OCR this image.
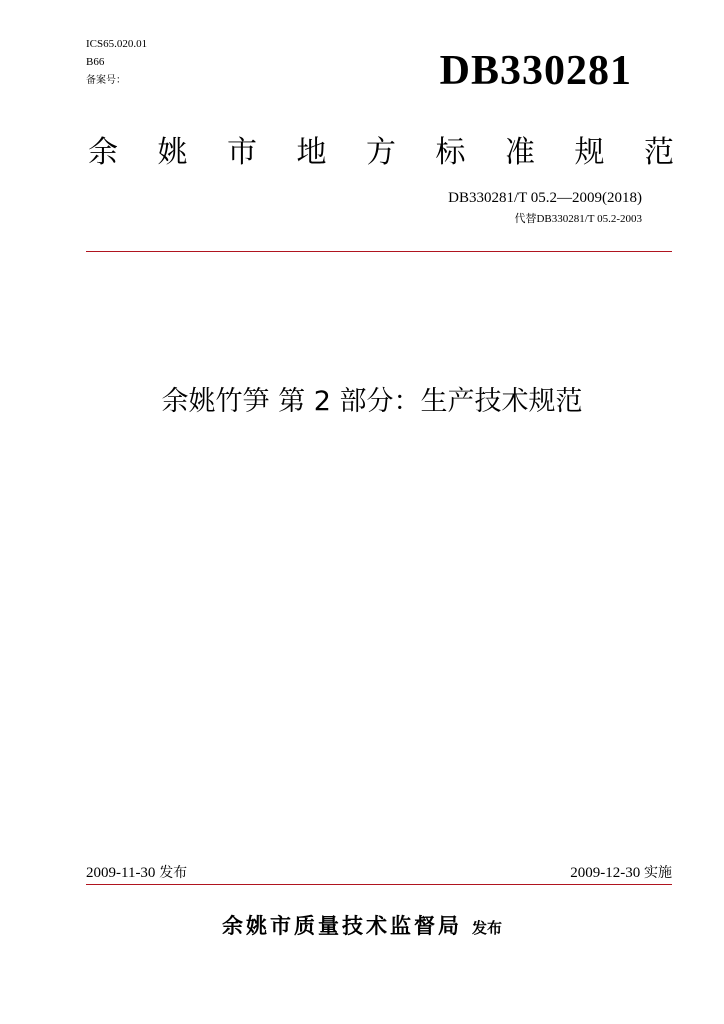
ICS65.020.01
B66
备案号：	DB330281
余 姚 市 地 方 标 准 规 范
DB330281/T 05.2—2009(2018)
代替DB330281/T 05.2-2003
余姚竹笋 第 2 部分：生产技术规范
2009-11-30 发布	2009-12-30 实施
余姚市质量技术监督局 发布
